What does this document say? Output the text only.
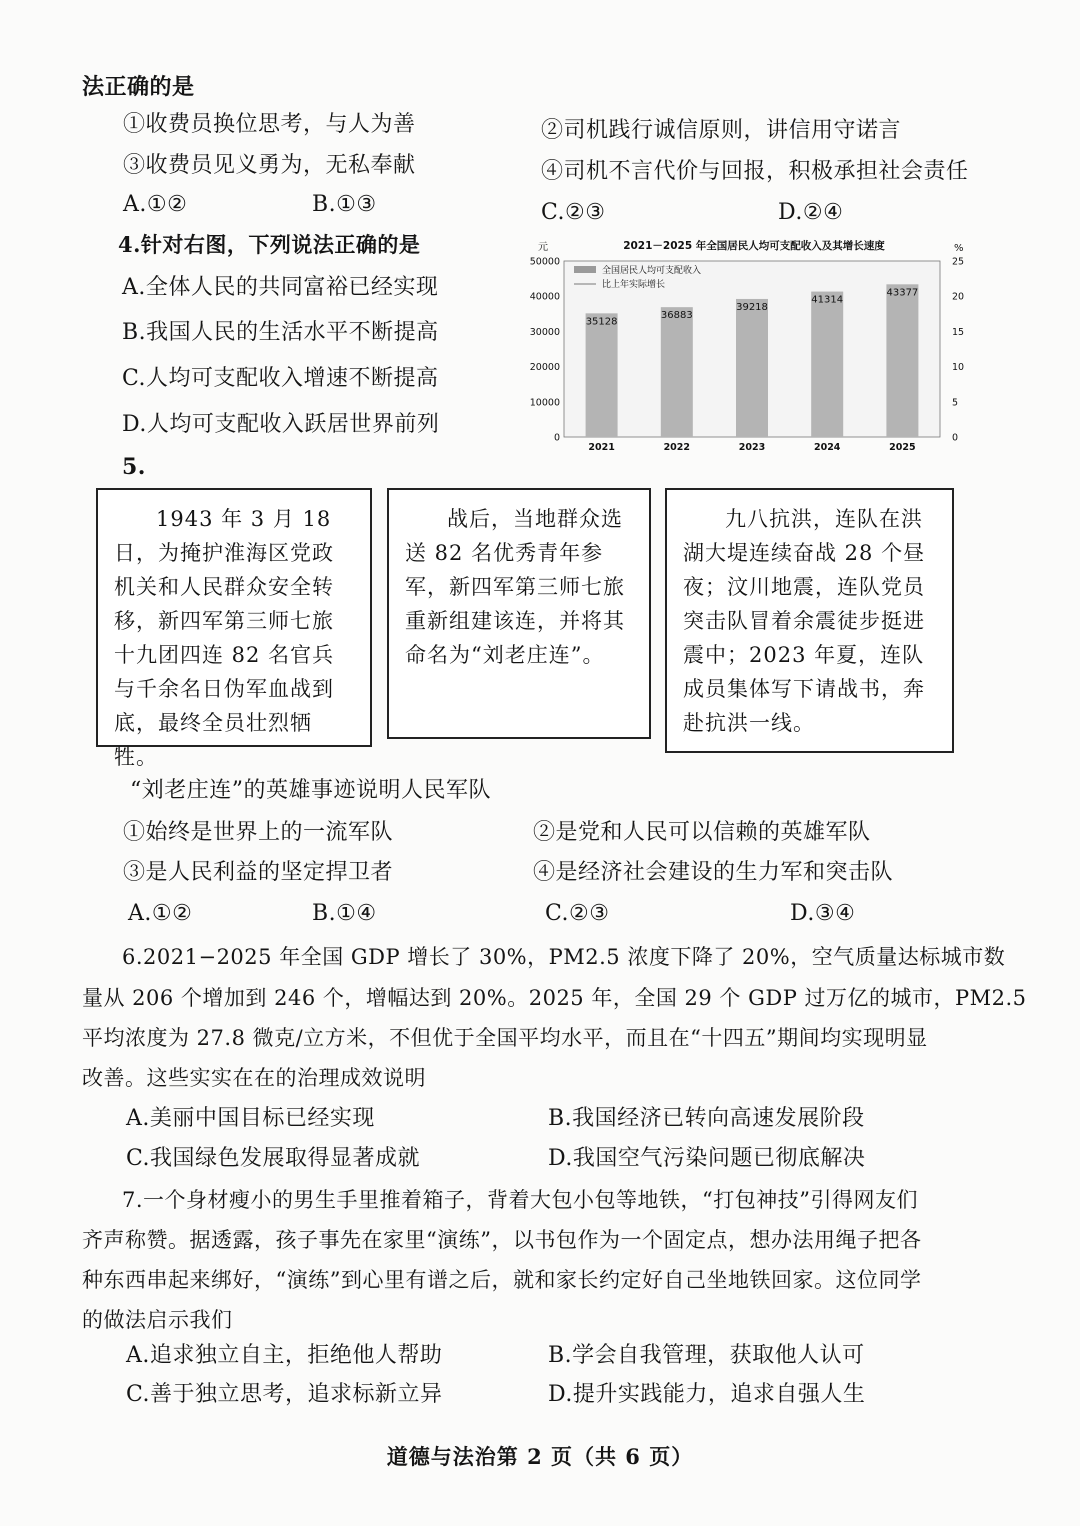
法正确的是
①收费员换位思考，与人为善	②司机践行诚信原则，讲信用守诺言
③收费员见义勇为，无私奉献	④司机不言代价与回报，积极承担社会责任
A.①②	B.①③	C.②③	D.②④
4.针对右图，下列说法正确的是
A.全体人民的共同富裕已经实现
B.我国人民的生活水平不断提高
C.人均可支配收入增速不断提高
D.人均可支配收入跃居世界前列
2021－2025 年全国居民人均可支配收入及其增长速度
元	%
0
10000
20000
30000
40000
50000
0
5
10
15
20
25
35128
36883
39218
41314
43377
全国居民人均可支配收入
比上年实际增长
2021	2022	2023	2024	2025
5.
1943 年 3 月 18 日，为掩护淮海区党政机关和人民群众安全转移，新四军第三师七旅十九团四连 82 名官兵与千余名日伪军血战到底，最终全员壮烈牺牲。
战后，当地群众选送 82 名优秀青年参军，新四军第三师七旅重新组建该连，并将其命名为“刘老庄连”。
九八抗洪，连队在洪湖大堤连续奋战 28 个昼夜；汶川地震，连队党员突击队冒着余震徒步挺进震中；2023 年夏，连队成员集体写下请战书，奔赴抗洪一线。
“刘老庄连”的英雄事迹说明人民军队
①始终是世界上的一流军队	②是党和人民可以信赖的英雄军队
③是人民利益的坚定捍卫者	④是经济社会建设的生力军和突击队
A.①②	B.①④	C.②③	D.③④
6.2021−2025 年全国 GDP 增长了 30%，PM2.5 浓度下降了 20%，空气质量达标城市数
量从 206 个增加到 246 个，增幅达到 20%。2025 年，全国 29 个 GDP 过万亿的城市，PM2.5
平均浓度为 27.8 微克/立方米，不但优于全国平均水平，而且在“十四五”期间均实现明显
改善。这些实实在在的治理成效说明
A.美丽中国目标已经实现	B.我国经济已转向高速发展阶段
C.我国绿色发展取得显著成就	D.我国空气污染问题已彻底解决
7.一个身材瘦小的男生手里推着箱子，背着大包小包等地铁，“打包神技”引得网友们
齐声称赞。据透露，孩子事先在家里“演练”，以书包作为一个固定点，想办法用绳子把各
种东西串起来绑好，“演练”到心里有谱之后，就和家长约定好自己坐地铁回家。这位同学
的做法启示我们
A.追求独立自主，拒绝他人帮助	B.学会自我管理，获取他人认可
C.善于独立思考，追求标新立异	D.提升实践能力，追求自强人生
道德与法治第 2 页（共 6 页）
